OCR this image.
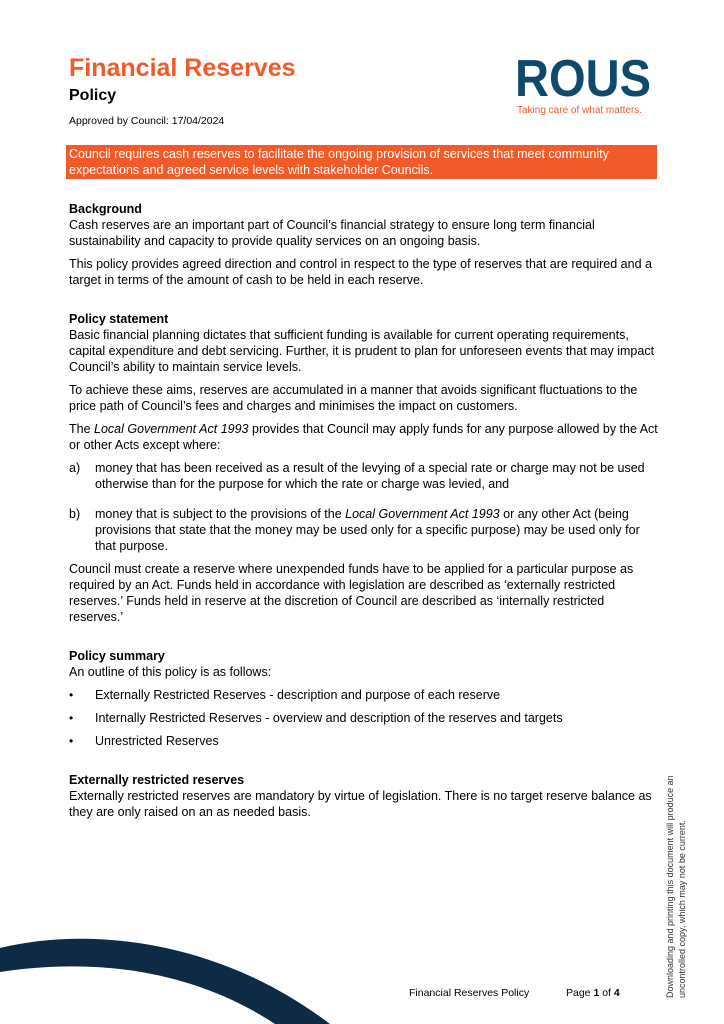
Financial Reserves
Policy
Approved by Council: 17/04/2024
ROUS
Taking care of what matters.
Council requires cash reserves to facilitate the ongoing provision of services that meet community expectations and agreed service levels with stakeholder Councils.
Background

Cash reserves are an important part of Council’s financial strategy to ensure long term financial sustainability and capacity to provide quality services on an ongoing basis.

This policy provides agreed direction and control in respect to the type of reserves that are required and a target in terms of the amount of cash to be held in each reserve.

Policy statement

Basic financial planning dictates that sufficient funding is available for current operating requirements, capital expenditure and debt servicing. Further, it is prudent to plan for unforeseen events that may impact Council’s ability to maintain service levels.

To achieve these aims, reserves are accumulated in a manner that avoids significant fluctuations to the price path of Council’s fees and charges and minimises the impact on customers.

The Local Government Act 1993 provides that Council may apply funds for any purpose allowed by the Act or other Acts except where:

a)	money that has been received as a result of the levying of a special rate or charge may not be used otherwise than for the purpose for which the rate or charge was levied, and
b)	money that is subject to the provisions of the Local Government Act 1993 or any other Act (being provisions that state that the money may be used only for a specific purpose) may be used only for that purpose.

Council must create a reserve where unexpended funds have to be applied for a particular purpose as required by an Act. Funds held in accordance with legislation are described as ‘externally restricted reserves.’ Funds held in reserve at the discretion of Council are described as ‘internally restricted reserves.’

Policy summary

An outline of this policy is as follows:

•	Externally Restricted Reserves - description and purpose of each reserve
•	Internally Restricted Reserves - overview and description of the reserves and targets
•	Unrestricted Reserves
Externally restricted reserves

Externally restricted reserves are mandatory by virtue of legislation. There is no target reserve balance as they are only raised on an as needed basis.	Downloading and printing this document will produce an uncontrolled copy, which may not be current.
Financial Reserves Policy	Page 1 of 4
